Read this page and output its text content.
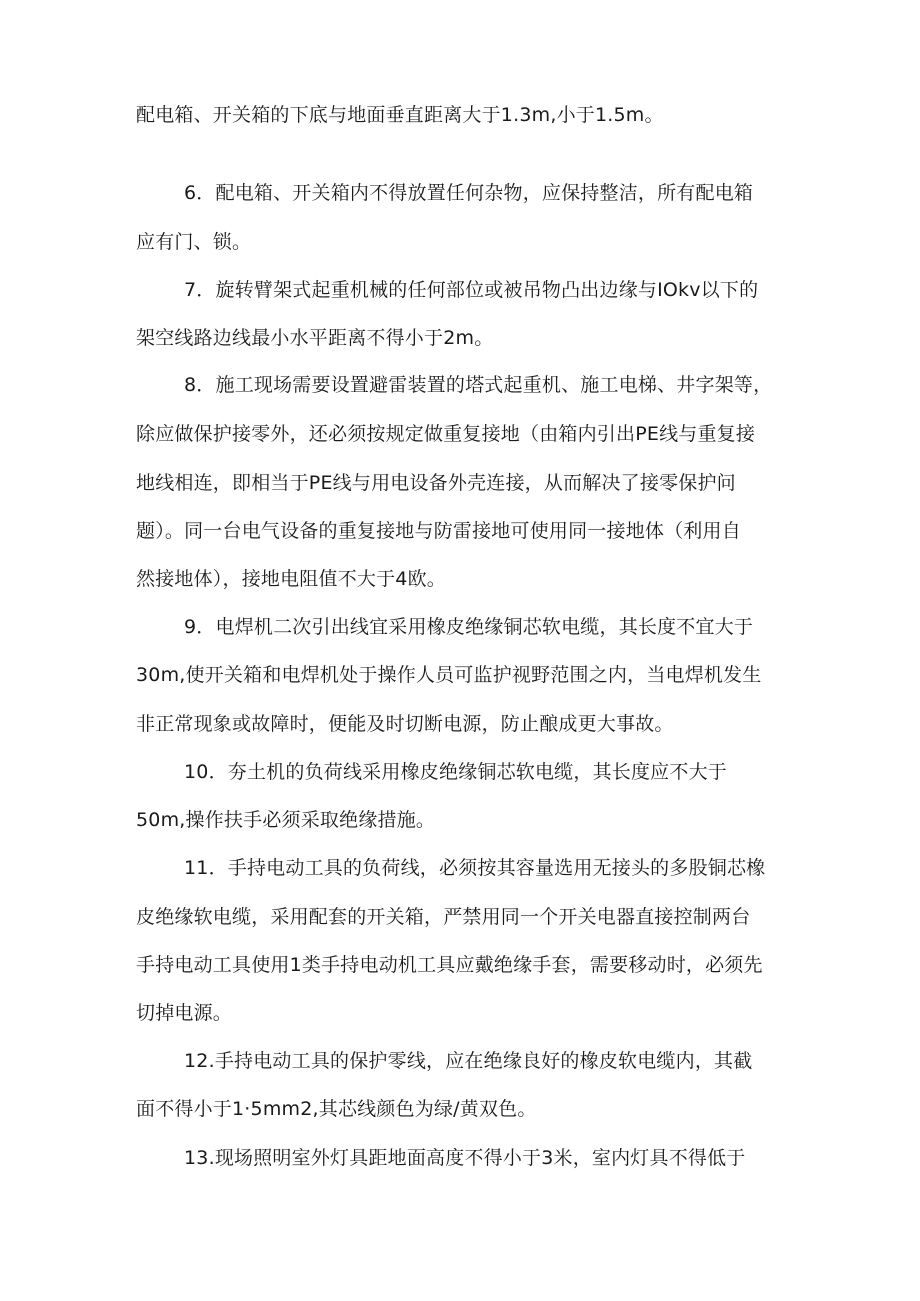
配电箱、开关箱的下底与地面垂直距离大于1.3m,小于1.5m。
6．配电箱、开关箱内不得放置任何杂物，应保持整洁，所有配电箱
应有门、锁。
7．旋转臂架式起重机械的任何部位或被吊物凸出边缘与IOkv以下的
架空线路边线最小水平距离不得小于2m。
8．施工现场需要设置避雷装置的塔式起重机、施工电梯、井字架等，
除应做保护接零外，还必须按规定做重复接地（由箱内引出PE线与重复接
地线相连，即相当于PE线与用电设备外壳连接，从而解决了接零保护问
题）。同一台电气设备的重复接地与防雷接地可使用同一接地体（利用自
然接地体），接地电阻值不大于4欧。
9．电焊机二次引出线宜采用橡皮绝缘铜芯软电缆，其长度不宜大于
30m,使开关箱和电焊机处于操作人员可监护视野范围之内，当电焊机发生
非正常现象或故障时，便能及时切断电源，防止酿成更大事故。
10．夯土机的负荷线采用橡皮绝缘铜芯软电缆，其长度应不大于
50m,操作扶手必须采取绝缘措施。
11．手持电动工具的负荷线，必须按其容量选用无接头的多股铜芯橡
皮绝缘软电缆，采用配套的开关箱，严禁用同一个开关电器直接控制两台
手持电动工具使用1类手持电动机工具应戴绝缘手套，需要移动时，必须先
切掉电源。
12.手持电动工具的保护零线，应在绝缘良好的橡皮软电缆内，其截
面不得小于1·5mm2,其芯线颜色为绿/黄双色。
13.现场照明室外灯具距地面高度不得小于3米，室内灯具不得低于
